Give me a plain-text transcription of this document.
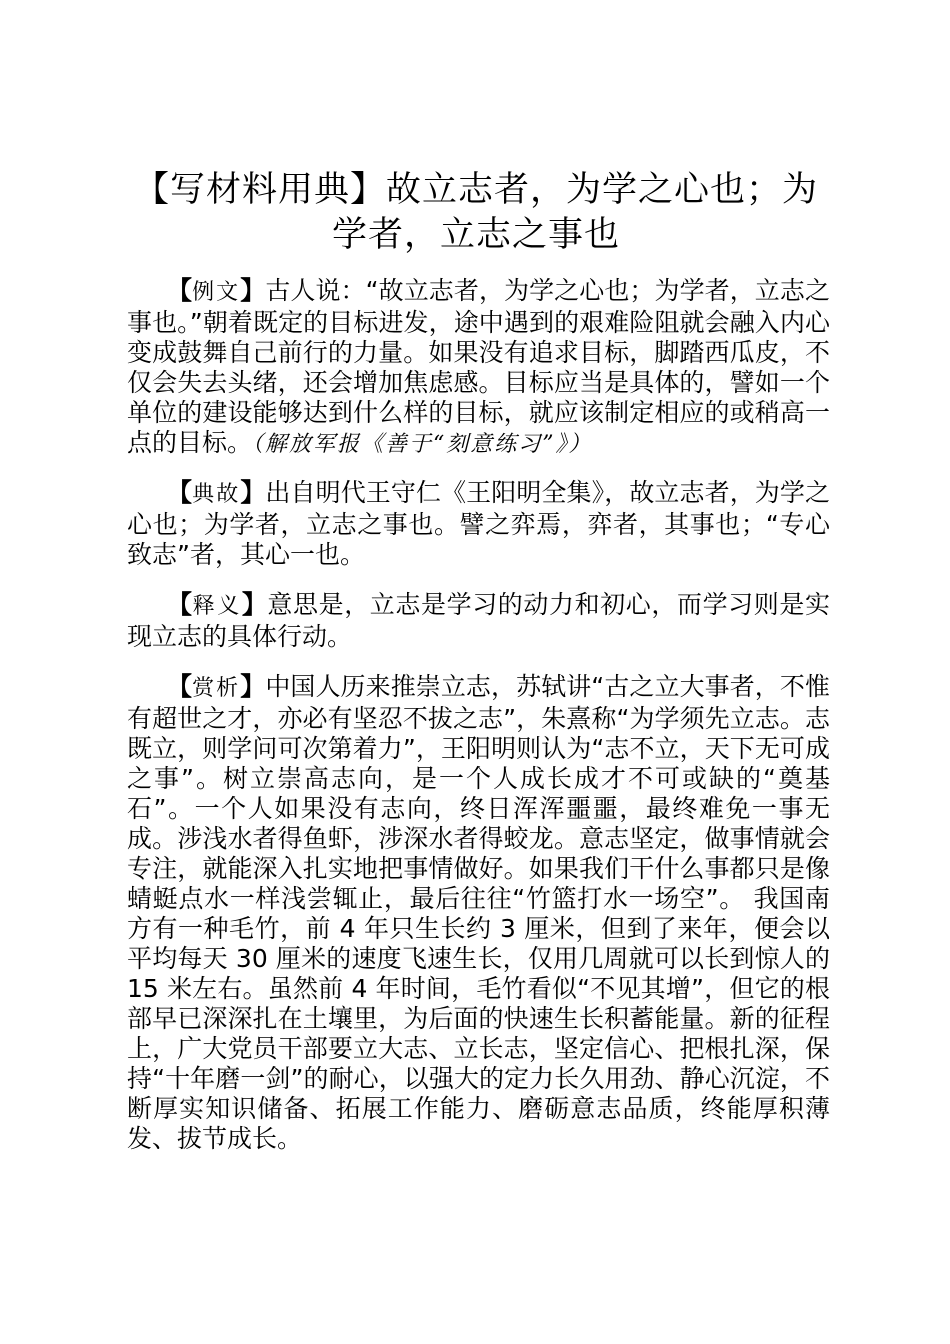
【写材料用典】故立志者，为学之心也；为学者，立志之事也

【例文】古人说：“故立志者，为学之心也；为学者，立志之事也。”朝着既定的目标进发，途中遇到的艰难险阻就会融入内心变成鼓舞自己前行的力量。如果没有追求目标，脚踏西瓜皮，不仅会失去头绪，还会增加焦虑感。目标应当是具体的，譬如一个单位的建设能够达到什么样的目标，就应该制定相应的或稍高一点的目标。（解放军报《善于“刻意练习”》）

【典故】出自明代王守仁《王阳明全集》，故立志者，为学之心也；为学者，立志之事也。譬之弈焉，弈者，其事也；“专心致志”者，其心一也。

【释义】意思是，立志是学习的动力和初心，而学习则是实现立志的具体行动。

【赏析】中国人历来推崇立志，苏轼讲“古之立大事者，不惟有超世之才，亦必有坚忍不拔之志”，朱熹称“为学须先立志。志既立，则学问可次第着力”，王阳明则认为“志不立，天下无可成之事”。树立崇高志向，是一个人成长成才不可或缺的“奠基石”。一个人如果没有志向，终日浑浑噩噩，最终难免一事无成。涉浅水者得鱼虾，涉深水者得蛟龙。意志坚定，做事情就会专注，就能深入扎实地把事情做好。如果我们干什么事都只是像蜻蜓点水一样浅尝辄止，最后往往“竹篮打水一场空”。 我国南方有一种毛竹，前 4 年只生长约 3 厘米，但到了来年，便会以平均每天 30 厘米的速度飞速生长，仅用几周就可以长到惊人的 15 米左右。虽然前 4 年时间，毛竹看似“不见其增”，但它的根部早已深深扎在土壤里，为后面的快速生长积蓄能量。新的征程上，广大党员干部要立大志、立长志，坚定信心、把根扎深，保持“十年磨一剑”的耐心，以强大的定力长久用劲、静心沉淀，不断厚实知识储备、拓展工作能力、磨砺意志品质，终能厚积薄发、拔节成长。
